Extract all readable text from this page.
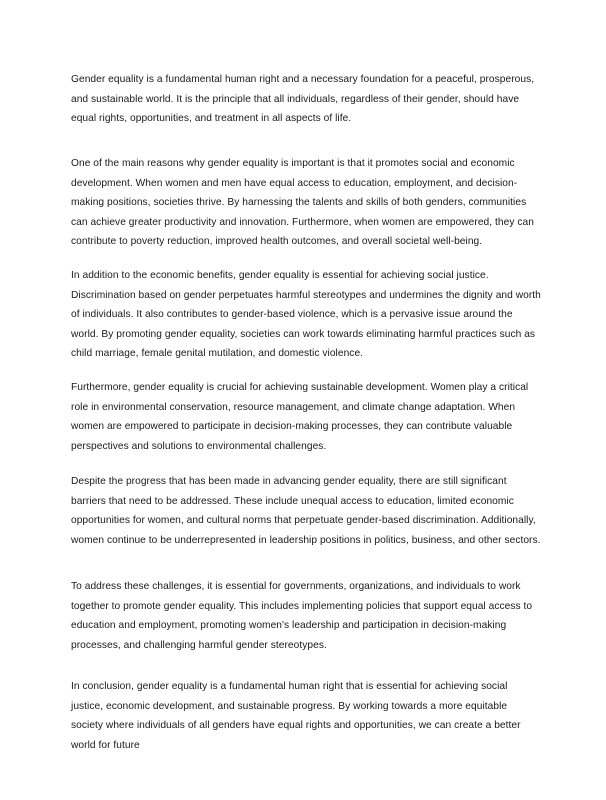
Gender equality is a fundamental human right and a necessary foundation for a peaceful, prosperous, and sustainable world. It is the principle that all individuals, regardless of their gender, should have equal rights, opportunities, and treatment in all aspects of life.

One of the main reasons why gender equality is important is that it promotes social and economic development. When women and men have equal access to education, employment, and decision-making positions, societies thrive. By harnessing the talents and skills of both genders, communities can achieve greater productivity and innovation. Furthermore, when women are empowered, they can contribute to poverty reduction, improved health outcomes, and overall societal well-being.

In addition to the economic benefits, gender equality is essential for achieving social justice. Discrimination based on gender perpetuates harmful stereotypes and undermines the dignity and worth of individuals. It also contributes to gender-based violence, which is a pervasive issue around the world. By promoting gender equality, societies can work towards eliminating harmful practices such as child marriage, female genital mutilation, and domestic violence.

Furthermore, gender equality is crucial for achieving sustainable development. Women play a critical role in environmental conservation, resource management, and climate change adaptation. When women are empowered to participate in decision-making processes, they can contribute valuable perspectives and solutions to environmental challenges.

Despite the progress that has been made in advancing gender equality, there are still significant barriers that need to be addressed. These include unequal access to education, limited economic opportunities for women, and cultural norms that perpetuate gender-based discrimination. Additionally, women continue to be underrepresented in leadership positions in politics, business, and other sectors.

To address these challenges, it is essential for governments, organizations, and individuals to work together to promote gender equality. This includes implementing policies that support equal access to education and employment, promoting women's leadership and participation in decision-making processes, and challenging harmful gender stereotypes.

In conclusion, gender equality is a fundamental human right that is essential for achieving social justice, economic development, and sustainable progress. By working towards a more equitable society where individuals of all genders have equal rights and opportunities, we can create a better world for future
